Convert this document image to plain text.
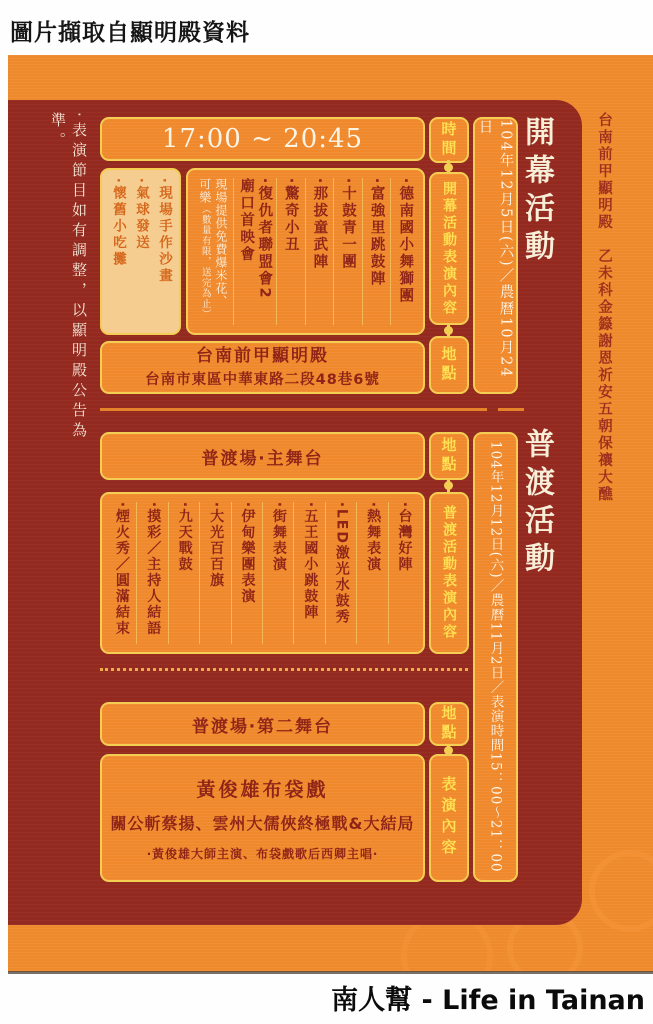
圖片擷取自顯明殿資料
台南前甲顯明殿　乙未科金籙謝恩祈安五朝保禳大醮
‧表演節目如有調整，以顯明殿公告為準。	開幕活動
17:00 ~ 20:45
‧現場手作沙畫
‧氣球發送
‧懷舊小吃攤	‧德南國小舞獅團
‧富強里跳鼓陣
‧十鼓青一團
‧那拔童武陣
‧驚奇小丑
‧復仇者聯盟會2
廟口首映會
現場提供免費爆米花、
可樂（數量有限，送完為止）
台南前甲顯明殿
台南市東區中華東路二段48巷6號
時間
開幕活動表演內容
地點	104年12月5日(六)／農曆10月24日
普渡活動
普渡場‧主舞台
‧台灣好陣
‧熱舞表演
‧LED激光水鼓秀
‧五王國小跳鼓陣
‧街舞表演
‧伊甸樂團表演
‧大光百百旗
‧九天戰鼓
‧摸彩／主持人結語
‧煙火秀／圓滿結束
普渡場‧第二舞台
黃俊雄布袋戲
關公斬蔡揚、雲州大儒俠終極戰&大結局
‧黃俊雄大師主演、布袋戲歌后西卿主唱‧
地點
普渡活動表演內容
地點
表演內容 104年12月12日(六)／農曆11月2日／表演時間15：00～21：00
南人幫 - Life in Tainan
